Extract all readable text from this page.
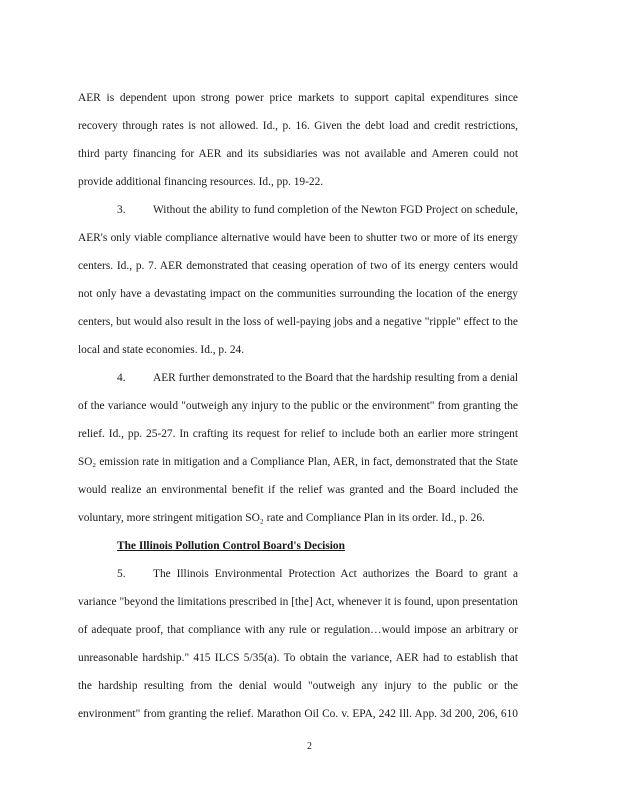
AER is dependent upon strong power price markets to support capital expenditures since
recovery through rates is not allowed. Id., p. 16. Given the debt load and credit restrictions,
third party financing for AER and its subsidiaries was not available and Ameren could not
provide additional financing resources. Id., pp. 19-22.
3. Without the ability to fund completion of the Newton FGD Project on schedule,
AER's only viable compliance alternative would have been to shutter two or more of its energy
centers. Id., p. 7. AER demonstrated that ceasing operation of two of its energy centers would
not only have a devastating impact on the communities surrounding the location of the energy
centers, but would also result in the loss of well-paying jobs and a negative "ripple" effect to the
local and state economies. Id., p. 24.
4. AER further demonstrated to the Board that the hardship resulting from a denial
of the variance would "outweigh any injury to the public or the environment" from granting the
relief. Id., pp. 25-27. In crafting its request for relief to include both an earlier more stringent
SO₂ emission rate in mitigation and a Compliance Plan, AER, in fact, demonstrated that the State
would realize an environmental benefit if the relief was granted and the Board included the
voluntary, more stringent mitigation SO₂ rate and Compliance Plan in its order. Id., p. 26.
The Illinois Pollution Control Board's Decision
5. The Illinois Environmental Protection Act authorizes the Board to grant a
variance "beyond the limitations prescribed in [the] Act, whenever it is found, upon presentation
of adequate proof, that compliance with any rule or regulation…would impose an arbitrary or
unreasonable hardship." 415 ILCS 5/35(a). To obtain the variance, AER had to establish that
the hardship resulting from the denial would "outweigh any injury to the public or the
environment" from granting the relief. Marathon Oil Co. v. EPA, 242 Ill. App. 3d 200, 206, 610
2
